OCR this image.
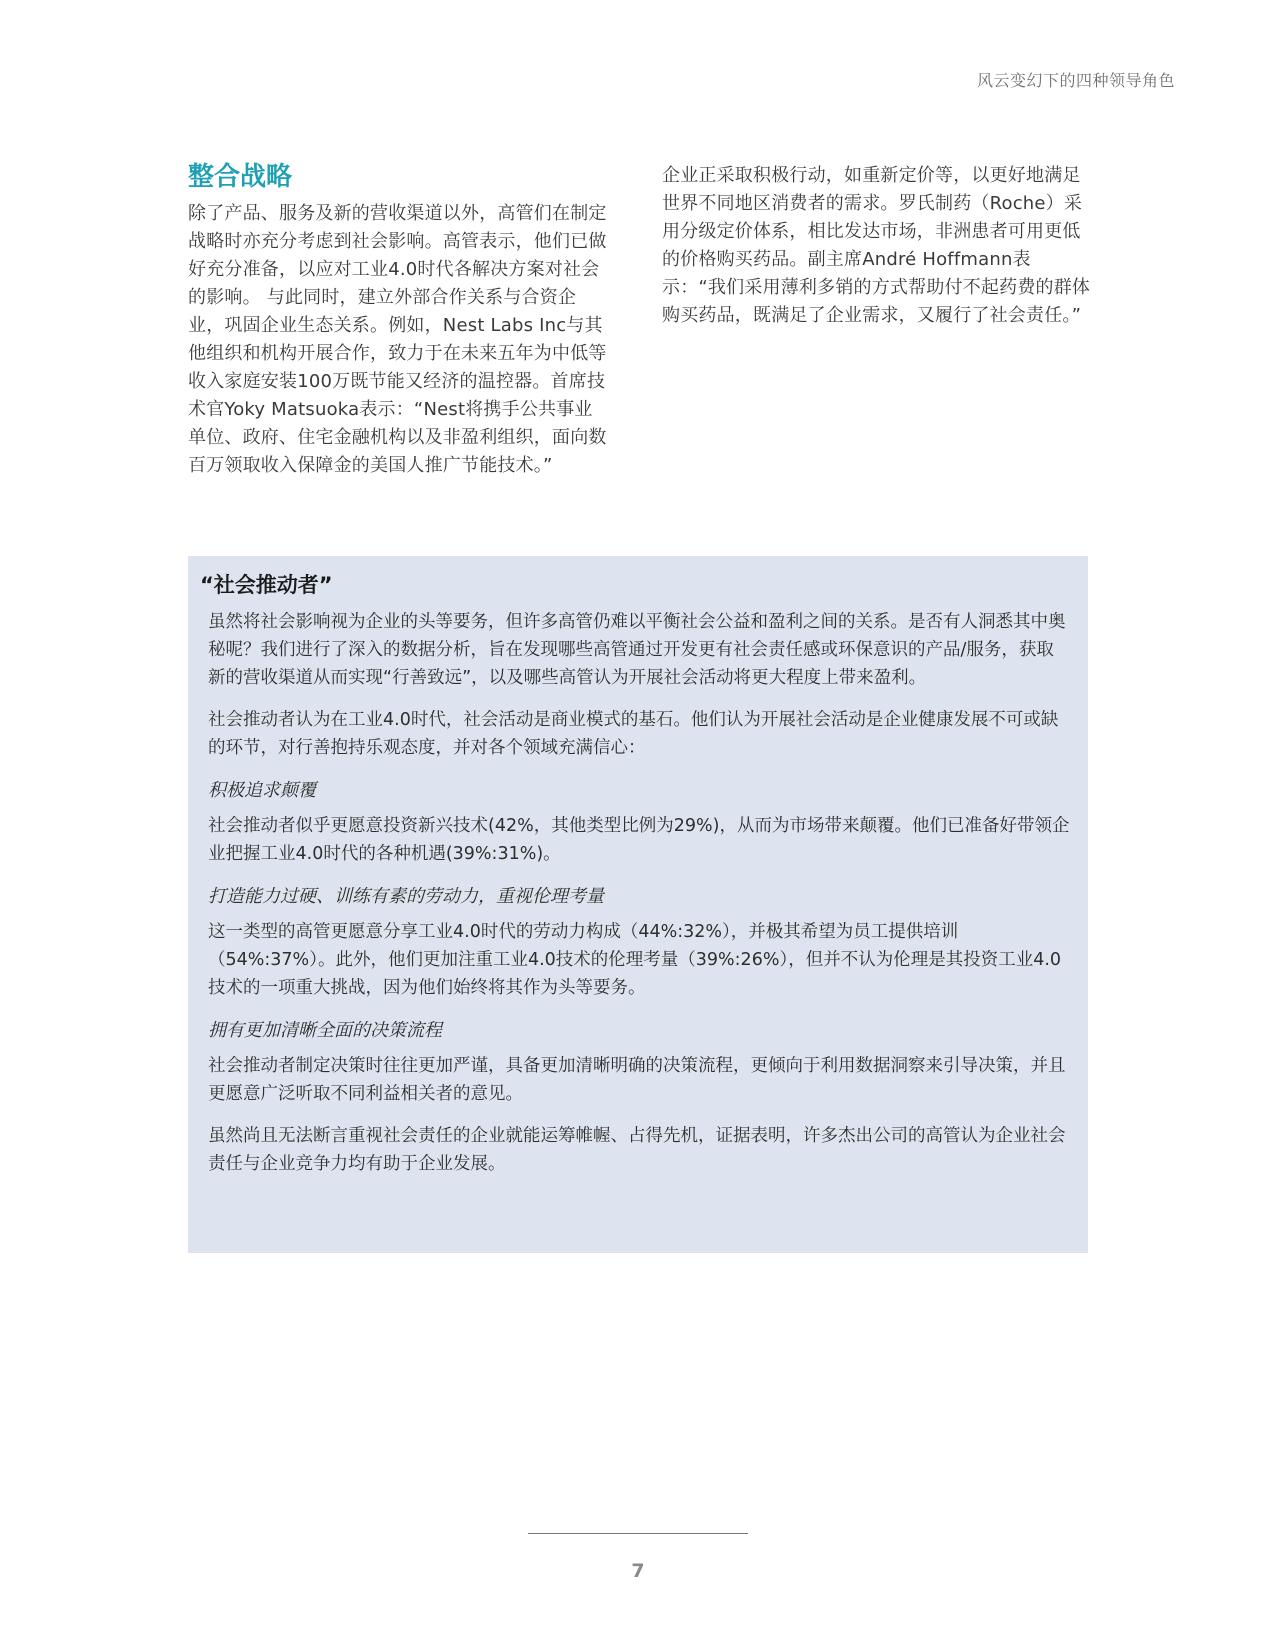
风云变幻下的四种领导角色
整合战略

除了产品、服务及新的营收渠道以外，高管们在制定战略时亦充分考虑到社会影响。高管表示，他们已做好充分准备，以应对工业4.0时代各解决方案对社会的影响。 与此同时，建立外部合作关系与合资企业，巩固企业生态关系。例如，Nest Labs Inc与其他组织和机构开展合作，致力于在未来五年为中低等收入家庭安装100万既节能又经济的温控器。首席技术官Yoky Matsuoka表示：“Nest将携手公共事业单位、政府、住宅金融机构以及非盈利组织，面向数百万领取收入保障金的美国人推广节能技术。”

企业正采取积极行动，如重新定价等，以更好地满足世界不同地区消费者的需求。罗氏制药（Roche）采用分级定价体系，相比发达市场，非洲患者可用更低的价格购买药品。副主席André Hoffmann表示：“我们采用薄利多销的方式帮助付不起药费的群体购买药品，既满足了企业需求，又履行了社会责任。”

“社会推动者”

虽然将社会影响视为企业的头等要务，但许多高管仍难以平衡社会公益和盈利之间的关系。是否有人洞悉其中奥秘呢？我们进行了深入的数据分析，旨在发现哪些高管通过开发更有社会责任感或环保意识的产品/服务，获取新的营收渠道从而实现“行善致远”，以及哪些高管认为开展社会活动将更大程度上带来盈利。

社会推动者认为在工业4.0时代，社会活动是商业模式的基石。他们认为开展社会活动是企业健康发展不可或缺的环节，对行善抱持乐观态度，并对各个领域充满信心：

积极追求颠覆

社会推动者似乎更愿意投资新兴技术(42%，其他类型比例为29%)，从而为市场带来颠覆。他们已准备好带领企业把握工业4.0时代的各种机遇(39%:31%)。

打造能力过硬、训练有素的劳动力，重视伦理考量

这一类型的高管更愿意分享工业4.0时代的劳动力构成（44%:32%），并极其希望为员工提供培训（54%:37%）。此外，他们更加注重工业4.0技术的伦理考量（39%:26%），但并不认为伦理是其投资工业4.0技术的一项重大挑战，因为他们始终将其作为头等要务。

拥有更加清晰全面的决策流程

社会推动者制定决策时往往更加严谨，具备更加清晰明确的决策流程，更倾向于利用数据洞察来引导决策，并且更愿意广泛听取不同利益相关者的意见。

虽然尚且无法断言重视社会责任的企业就能运筹帷幄、占得先机，证据表明，许多杰出公司的高管认为企业社会责任与企业竞争力均有助于企业发展。

7
